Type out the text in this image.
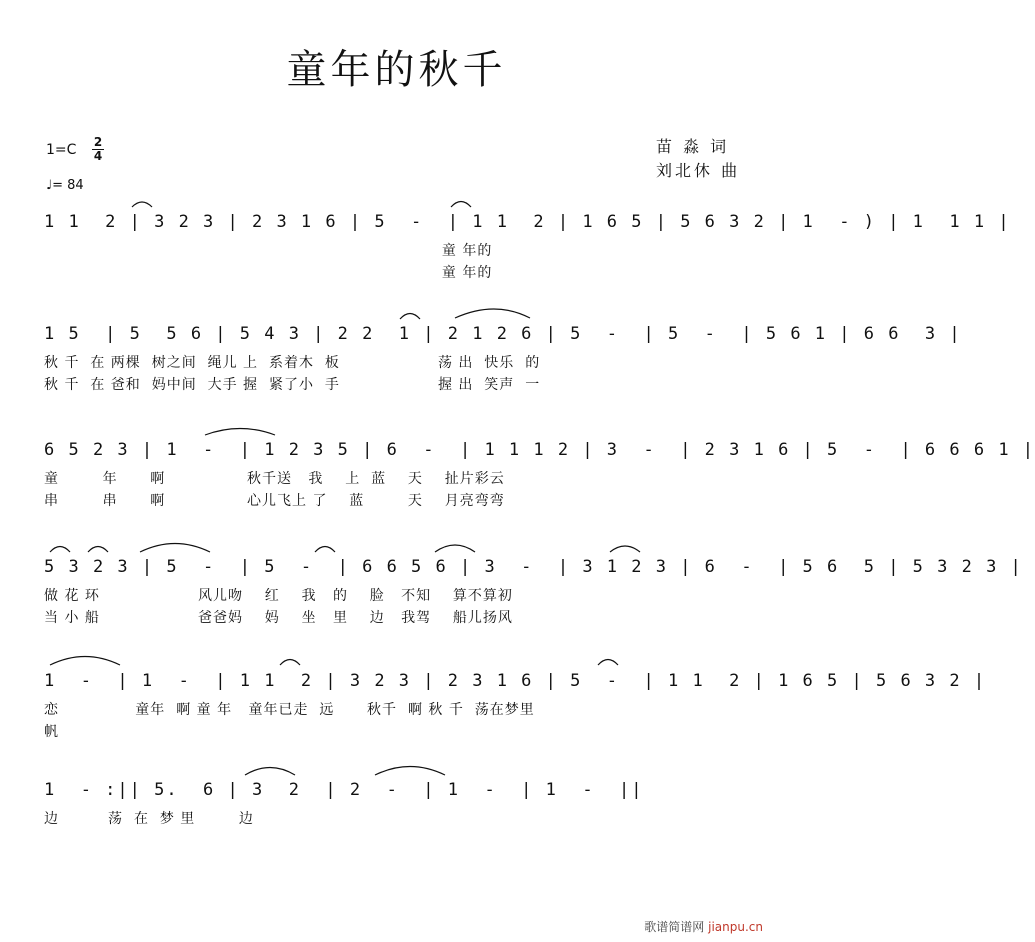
童年的秋千
苗 淼 词
刘北休 曲
1=C 2
4
♩= 84
1 1  2 | 3 2 3 | 2 3 1 6 | 5  -  | 1 1  2 | 1 6 5 | 5 6 3 2 | 1  - ) | 1  1 1 |
童 年的
童 年的
1 5  | 5  5 6 | 5 4 3 | 2 2  1 | 2 1 2 6 | 5  -  | 5  -  | 5 6 1 | 6 6  3 |
秋 千  在 两棵  树之间  绳儿 上  系着木  板                  荡 出  快乐  的
秋 千  在 爸和  妈中间  大手 握  紧了小  手                  握 出  笑声  一
6 5 2 3 | 1  -  | 1 2 3 5 | 6  -  | 1 1 1 2 | 3  -  | 2 3 1 6 | 5  -  | 6 6 6 1 |
童        年      啊               秋千送   我    上  蓝    天    扯片彩云
串        串      啊               心儿飞上 了    蓝        天    月亮弯弯
5 3 2 3 | 5  -  | 5  -  | 6 6 5 6 | 3  -  | 3 1 2 3 | 6  -  | 5 6  5 | 5 3 2 3 |
做 花 环                  风儿吻    红    我   的    脸   不知    算不算初
当 小 船                  爸爸妈    妈    坐   里    边   我驾    船儿扬风
1  -  | 1  -  | 1 1  2 | 3 2 3 | 2 3 1 6 | 5  -  | 1 1  2 | 1 6 5 | 5 6 3 2 |
恋              童年  啊 童 年   童年已走  远      秋千  啊 秋 千  荡在梦里
帆
1  - :|| 5.  6 | 3  2  | 2  -  | 1  -  | 1  -  ||
边         荡  在  梦 里        边
歌谱简谱网 jianpu.cn
